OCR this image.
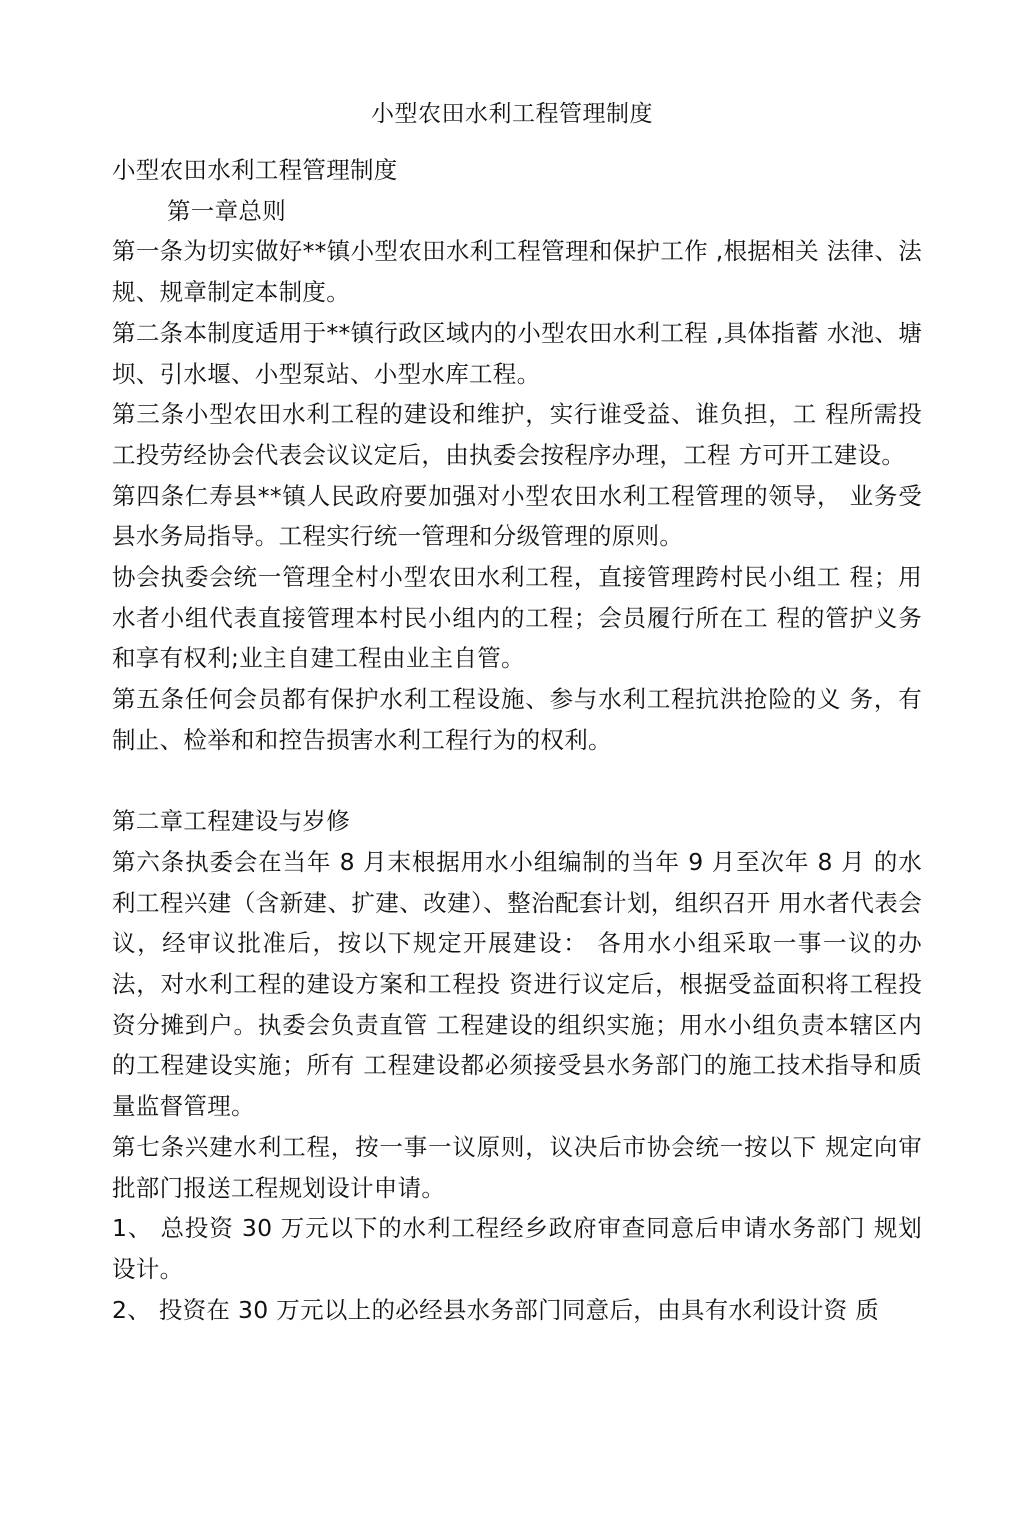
小型农田水利工程管理制度

小型农田水利工程管理制度

第一章总则

第一条为切实做好**镇小型农田水利工程管理和保护工作 ,根据相关 法律、法规、规章制定本制度。

第二条本制度适用于**镇行政区域内的小型农田水利工程 ,具体指蓄 水池、塘坝、引水堰、小型泵站、小型水库工程。

第三条小型农田水利工程的建设和维护，实行谁受益、谁负担，工 程所需投工投劳经协会代表会议议定后，由执委会按程序办理，工程 方可开工建设。

第四条仁寿县**镇人民政府要加强对小型农田水利工程管理的领导， 业务受县水务局指导。工程实行统一管理和分级管理的原则。

协会执委会统一管理全村小型农田水利工程，直接管理跨村民小组工 程；用水者小组代表直接管理本村民小组内的工程；会员履行所在工 程的管护义务和享有权利;业主自建工程由业主自管。

第五条任何会员都有保护水利工程设施、参与水利工程抗洪抢险的义 务，有制止、检举和和控告损害水利工程行为的权利。

第二章工程建设与岁修

第六条执委会在当年 8 月末根据用水小组编制的当年 9 月至次年 8 月 的水利工程兴建（含新建、扩建、改建）、整治配套计划，组织召开 用水者代表会议，经审议批准后，按以下规定开展建设： 各用水小组采取一事一议的办法，对水利工程的建设方案和工程投 资进行议定后，根据受益面积将工程投资分摊到户。执委会负责直管 工程建设的组织实施；用水小组负责本辖区内的工程建设实施；所有 工程建设都必须接受县水务部门的施工技术指导和质量监督管理。

第七条兴建水利工程，按一事一议原则，议决后市协会统一按以下 规定向审批部门报送工程规划设计申请。

1、 总投资 30 万元以下的水利工程经乡政府审查同意后申请水务部门 规划设计。

2、 投资在 30 万元以上的必经县水务部门同意后，由具有水利设计资 质
